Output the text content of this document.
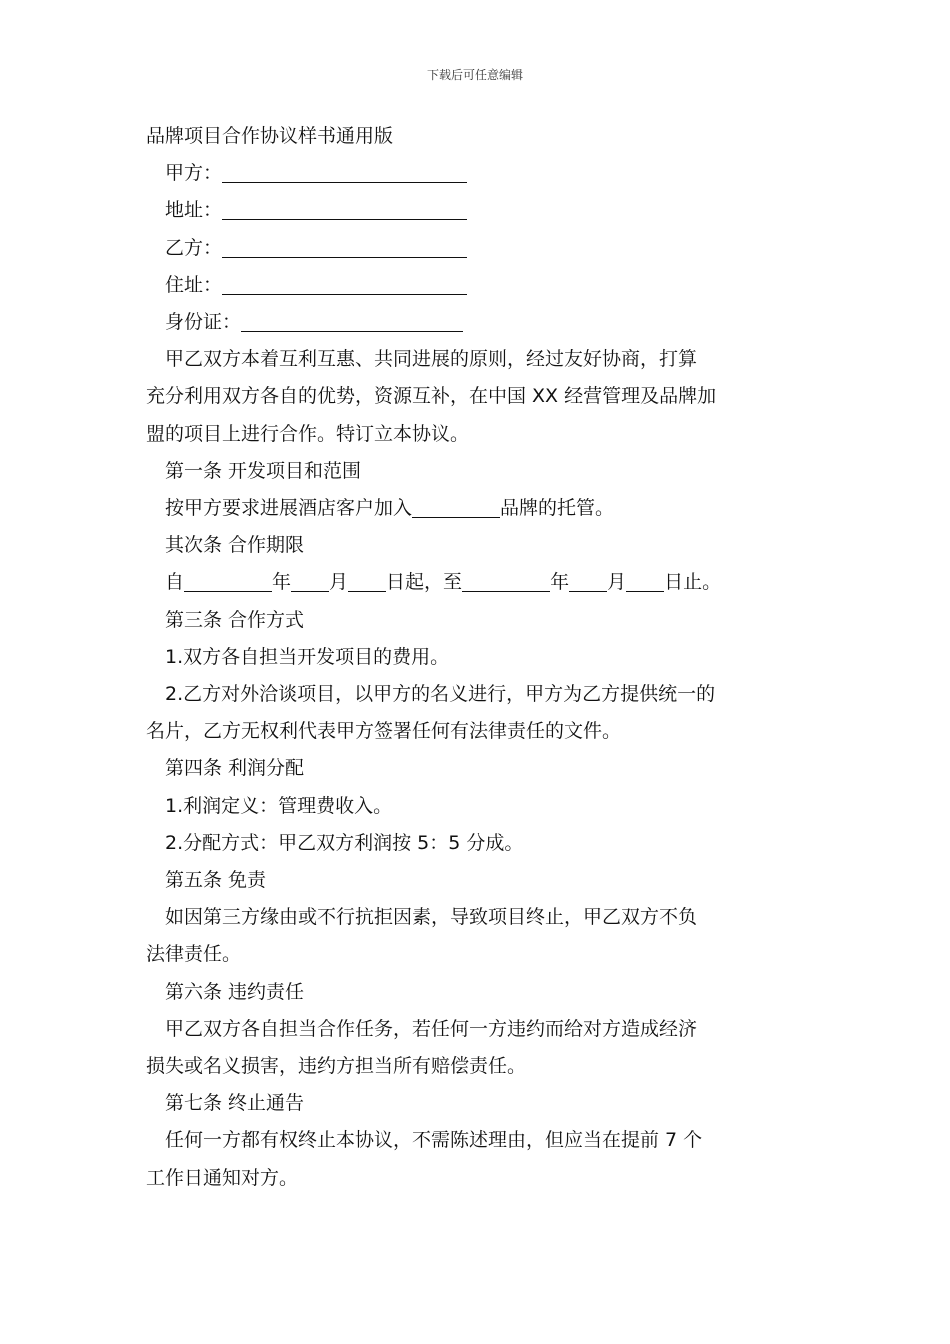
下载后可任意编辑
品牌项目合作协议样书通用版
甲方：
地址：
乙方：
住址：
身份证：
甲乙双方本着互利互惠、共同进展的原则，经过友好协商，打算
充分利用双方各自的优势，资源互补，在中国 XX 经营管理及品牌加
盟的项目上进行合作。特订立本协议。
第一条 开发项目和范围
按甲方要求进展酒店客户加入	品牌的托管。
其次条 合作期限
自	年 月 日起，至	年 月 日止。
第三条 合作方式
1.双方各自担当开发项目的费用。
2.乙方对外洽谈项目，以甲方的名义进行，甲方为乙方提供统一的
名片，乙方无权利代表甲方签署任何有法律责任的文件。
第四条 利润分配
1.利润定义：管理费收入。
2.分配方式：甲乙双方利润按 5：5 分成。
第五条 免责
如因第三方缘由或不行抗拒因素，导致项目终止，甲乙双方不负
法律责任。
第六条 违约责任
甲乙双方各自担当合作任务，若任何一方违约而给对方造成经济
损失或名义损害，违约方担当所有赔偿责任。
第七条 终止通告
任何一方都有权终止本协议，不需陈述理由，但应当在提前 7 个
工作日通知对方。
